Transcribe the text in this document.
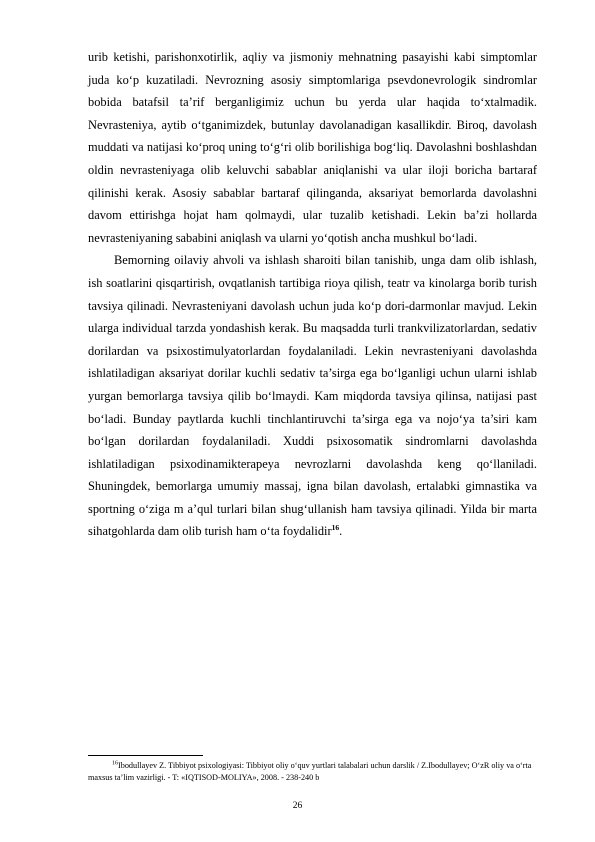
urib ketishi, parishonxotirlik, aqliy va jismoniy mehnatning pasayishi kabi simptomlar juda ko‘p kuzatiladi. Nevrozning asosiy simptomlariga psevdonevrologik sindromlar bobida batafsil ta’rif berganligimiz uchun bu yerda ular haqida to‘xtalmadik. Nevrasteniya, aytib o‘tganimizdek, butunlay davolanadigan kasallikdir. Biroq, davolash muddati va natijasi ko‘proq uning to‘g‘ri olib borilishiga bog‘liq. Davolashni boshlashdan oldin nevrasteniyaga olib keluvchi sabablar aniqlanishi va ular iloji boricha bartaraf qilinishi kerak. Asosiy sabablar bartaraf qilinganda, aksariyat bemorlarda davolashni davom ettirishga hojat ham qolmaydi, ular tuzalib ketishadi. Lekin ba’zi hollarda nevrasteniyaning sababini aniqlash va ularni yo‘qotish ancha mushkul bo‘ladi.

Bemorning oilaviy ahvoli va ishlash sharoiti bilan tanishib, unga dam olib ishlash, ish soatlarini qisqartirish, ovqatlanish tartibiga rioya qilish, teatr va kinolarga borib turish tavsiya qilinadi. Nevrasteniyani davolash uchun juda ko‘p dori-darmonlar mavjud. Lekin ularga individual tarzda yondashish kerak. Bu maqsadda turli trankvilizatorlardan, sedativ dorilardan va psixostimulyatorlardan foydalaniladi. Lekin nevrasteniyani davolashda ishlatiladigan aksariyat dorilar kuchli sedativ ta’sirga ega bo‘lganligi uchun ularni ishlab yurgan bemorlarga tavsiya qilib bo‘lmaydi. Kam miqdorda tavsiya qilinsa, natijasi past bo‘ladi. Bunday paytlarda kuchli tinchlantiruvchi ta’sirga ega va nojo‘ya ta’siri kam bo‘lgan dorilardan foydalaniladi. Xuddi psixosomatik sindromlarni davolashda ishlatiladigan psixodinamikterapeya nevrozlarni davolashda keng qo‘llaniladi. Shuningdek, bemorlarga umumiy massaj, igna bilan davolash, ertalabki gimnastika va sportning o‘ziga m a’qul turlari bilan shug‘ullanish ham tavsiya qilinadi. Yilda bir marta sihatgohlarda dam olib turish ham o‘ta foydalidir$^{16}$.

$^{16}$Ibodullayev Z. Tibbiyot psixologiyasi: Tibbiyot oliy o‘quv yurtlari talabalari uchun darslik / Z.Ibodullayev; O‘zR oliy va o‘rta maxsus ta’lim vazirligi. - T: «IQTISOD-MOLIYA», 2008. - 238-240 b

26
